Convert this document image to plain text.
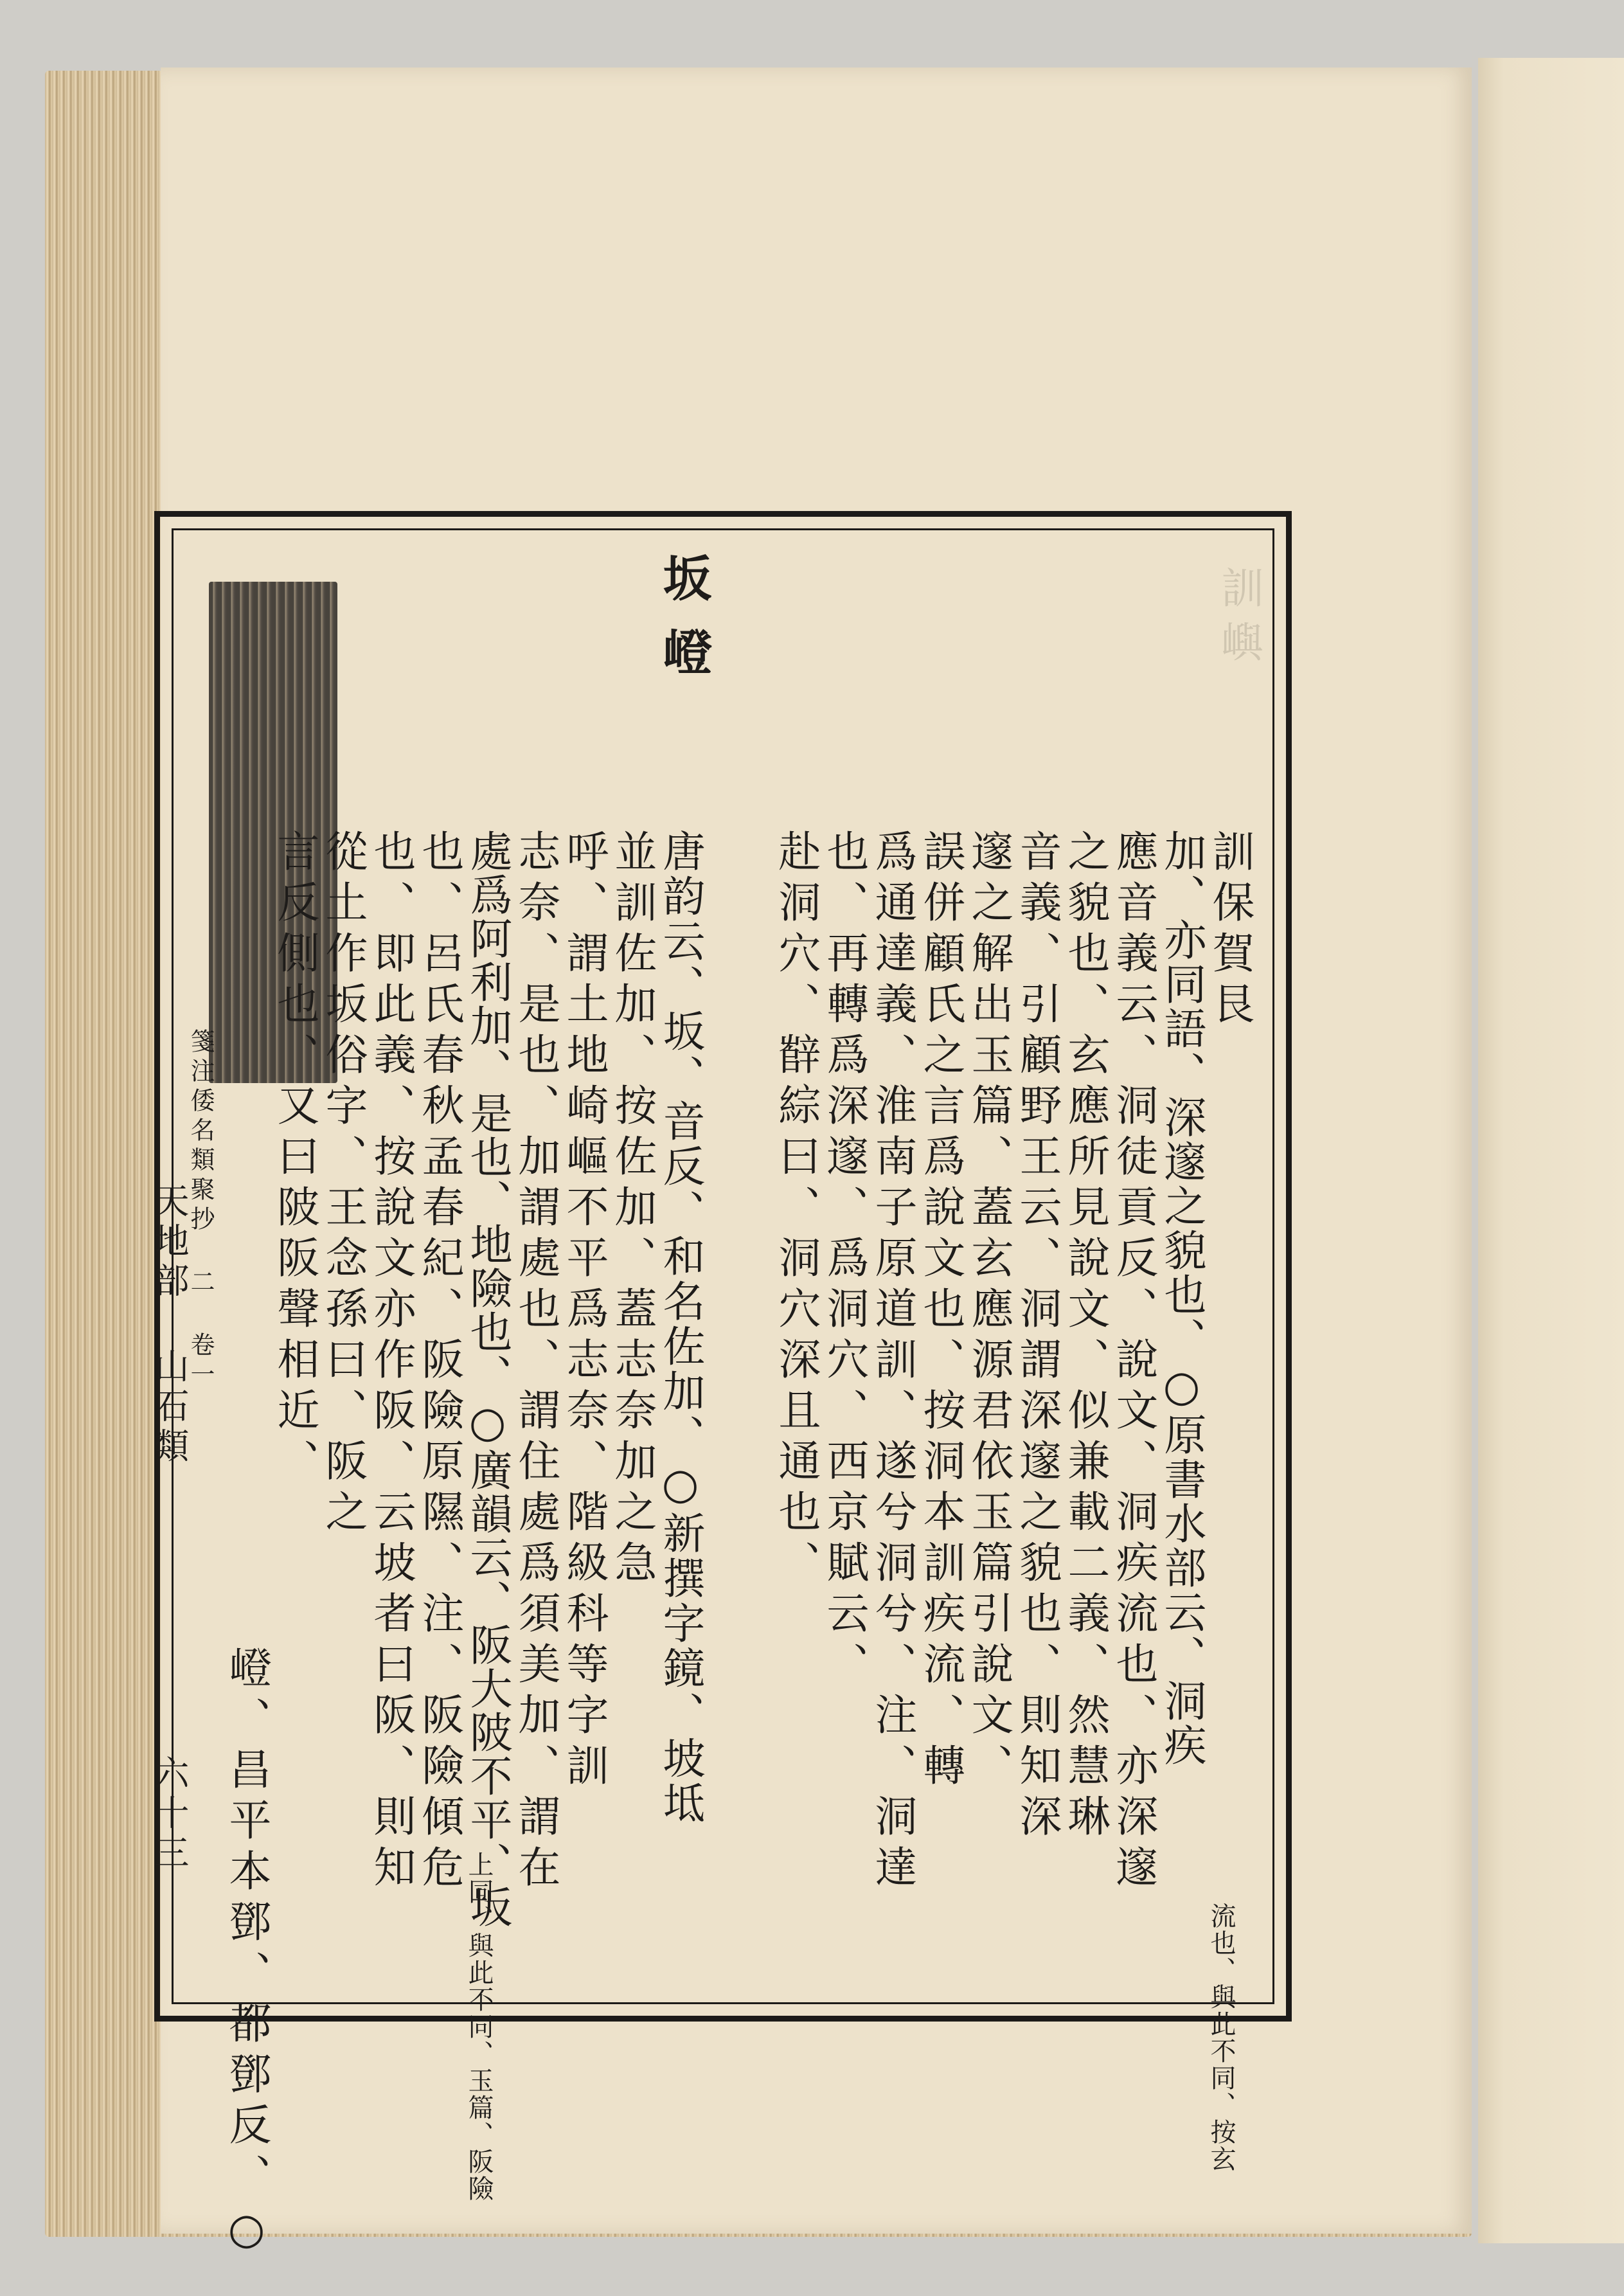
訓嶼
坂
嶝
訓保賀艮
加、亦同語、深邃之貌也、○原書水部云、洞疾
應音義云、洞徒貢反、說文、洞疾流也、亦深邃
之貌也、玄應所見說文、似兼載二義、然慧琳
音義、引顧野王云、洞謂深邃之貌也、則知深
邃之解出玉篇、蓋玄應源君依玉篇引說文、
誤併顧氏之言爲說文也、按洞本訓疾流、轉
爲通達義、淮南子原道訓、遂兮洞兮、注、洞達
也、再轉爲深邃、爲洞穴、西京賦云、
赴洞穴、辥綜曰、洞穴深且通也、
唐韵云、坂、音反、和名佐加、○新撰字鏡、坡坻
並訓佐加、按佐加、蓋志奈加之急
呼、謂土地崎嶇不平爲志奈、階級科等字訓
志奈、是也、加謂處也、謂住處爲須美加、謂在
處爲阿利加、是也、地險也、○廣韻云、阪大陂不平、坂
也、呂氏春秋孟春紀、阪險原隰、注、阪險傾危
也、即此義、按說文亦作阪、云坡者曰阪、則知
從土作坂俗字、王念孫曰、阪之
言反側也、又曰陂阪聲相近、
嶝、昌平本鄧、都鄧反、○	流也、與此不同、按玄
上同、與此不同、玉篇、阪險
箋注倭名類聚抄 二 卷一
天地部 山石類
六十三
